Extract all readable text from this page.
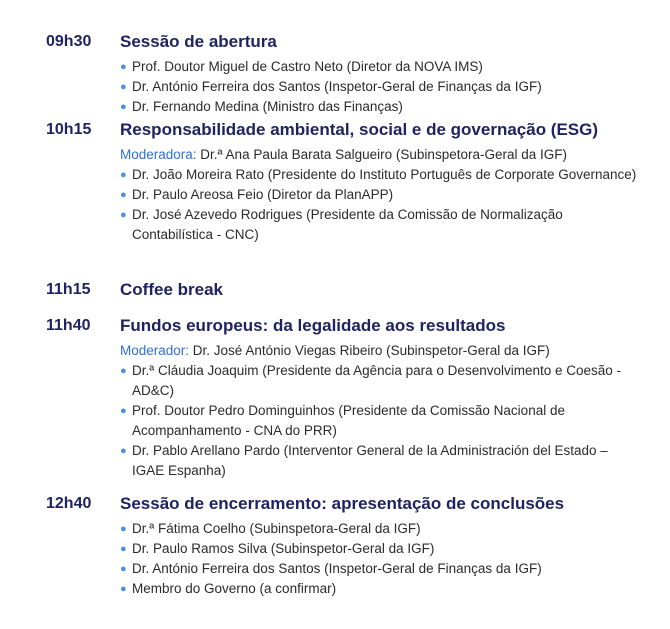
09h30	Sessão de abertura
● Prof. Doutor Miguel de Castro Neto (Diretor da NOVA IMS)
● Dr. António Ferreira dos Santos (Inspetor-Geral de Finanças da IGF)
● Dr. Fernando Medina (Ministro das Finanças)
10h15	Responsabilidade ambiental, social e de governação (ESG)
Moderadora: Dr.ª Ana Paula Barata Salgueiro (Subinspetora-Geral da IGF)
● Dr. João Moreira Rato (Presidente do Instituto Português de Corporate Governance)
● Dr. Paulo Areosa Feio (Diretor da PlanAPP)
● Dr. José Azevedo Rodrigues (Presidente da Comissão de Normalização Contabilística - CNC)
11h15	Coffee break
11h40	Fundos europeus: da legalidade aos resultados
Moderador: Dr. José António Viegas Ribeiro (Subinspetor-Geral da IGF)
● Dr.ª Cláudia Joaquim (Presidente da Agência para o Desenvolvimento e Coesão - AD&C)
● Prof. Doutor Pedro Dominguinhos (Presidente da Comissão Nacional de Acompanhamento - CNA do PRR)
● Dr. Pablo Arellano Pardo (Interventor General de la Administración del Estado – IGAE Espanha)
12h40	Sessão de encerramento: apresentação de conclusões
● Dr.ª Fátima Coelho (Subinspetora-Geral da IGF)
● Dr. Paulo Ramos Silva (Subinspetor-Geral da IGF)
● Dr. António Ferreira dos Santos (Inspetor-Geral de Finanças da IGF)
● Membro do Governo (a confirmar)
